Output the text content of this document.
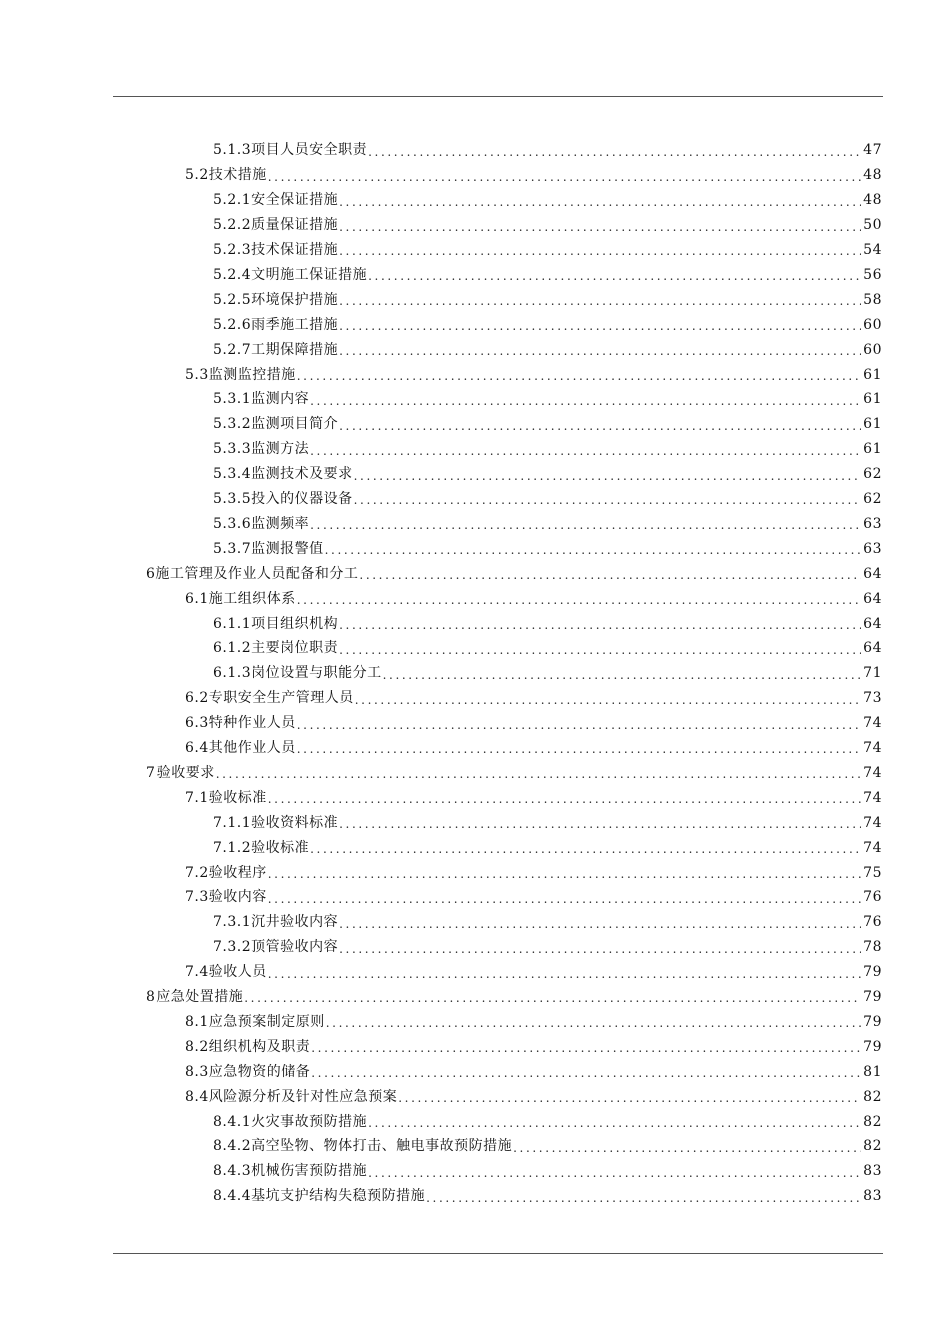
5.1.3 项目人员安全职责 .....	47
5.2 技术措施 .....	48
5.2.1 安全保证措施 .....	48
5.2.2 质量保证措施 .....	50
5.2.3 技术保证措施 .....	54
5.2.4 文明施工保证措施 .....	56
5.2.5 环境保护措施 .....	58
5.2.6 雨季施工措施 .....	60
5.2.7 工期保障措施 .....	60
5.3 监测监控措施 .....	61
5.3.1 监测内容 .....	61
5.3.2 监测项目简介 .....	61
5.3.3 监测方法 .....	61
5.3.4 监测技术及要求 .....	62
5.3.5 投入的仪器设备 .....	62
5.3.6 监测频率 .....	63
5.3.7 监测报警值 .....	63
6 施工管理及作业人员配备和分工 .....	64
6.1 施工组织体系 .....	64
6.1.1 项目组织机构 .....	64
6.1.2 主要岗位职责 .....	64
6.1.3 岗位设置与职能分工 .....	71
6.2 专职安全生产管理人员 .....	73
6.3 特种作业人员 .....	74
6.4 其他作业人员 .....	74
7 验收要求 .....	74
7.1 验收标准 .....	74
7.1.1 验收资料标准 .....	74
7.1.2 验收标准 .....	74
7.2 验收程序 .....	75
7.3 验收内容 .....	76
7.3.1 沉井验收内容 .....	76
7.3.2 顶管验收内容 .....	78
7.4 验收人员 .....	79
8 应急处置措施 .....	79
8.1 应急预案制定原则 .....	79
8.2 组织机构及职责 .....	79
8.3 应急物资的储备 .....	81
8.4 风险源分析及针对性应急预案 .....	82
8.4.1 火灾事故预防措施 .....	82
8.4.2 高空坠物、物体打击、触电事故预防措施 .....	82
8.4.3 机械伤害预防措施 .....	83
8.4.4 基坑支护结构失稳预防措施 .....	83
